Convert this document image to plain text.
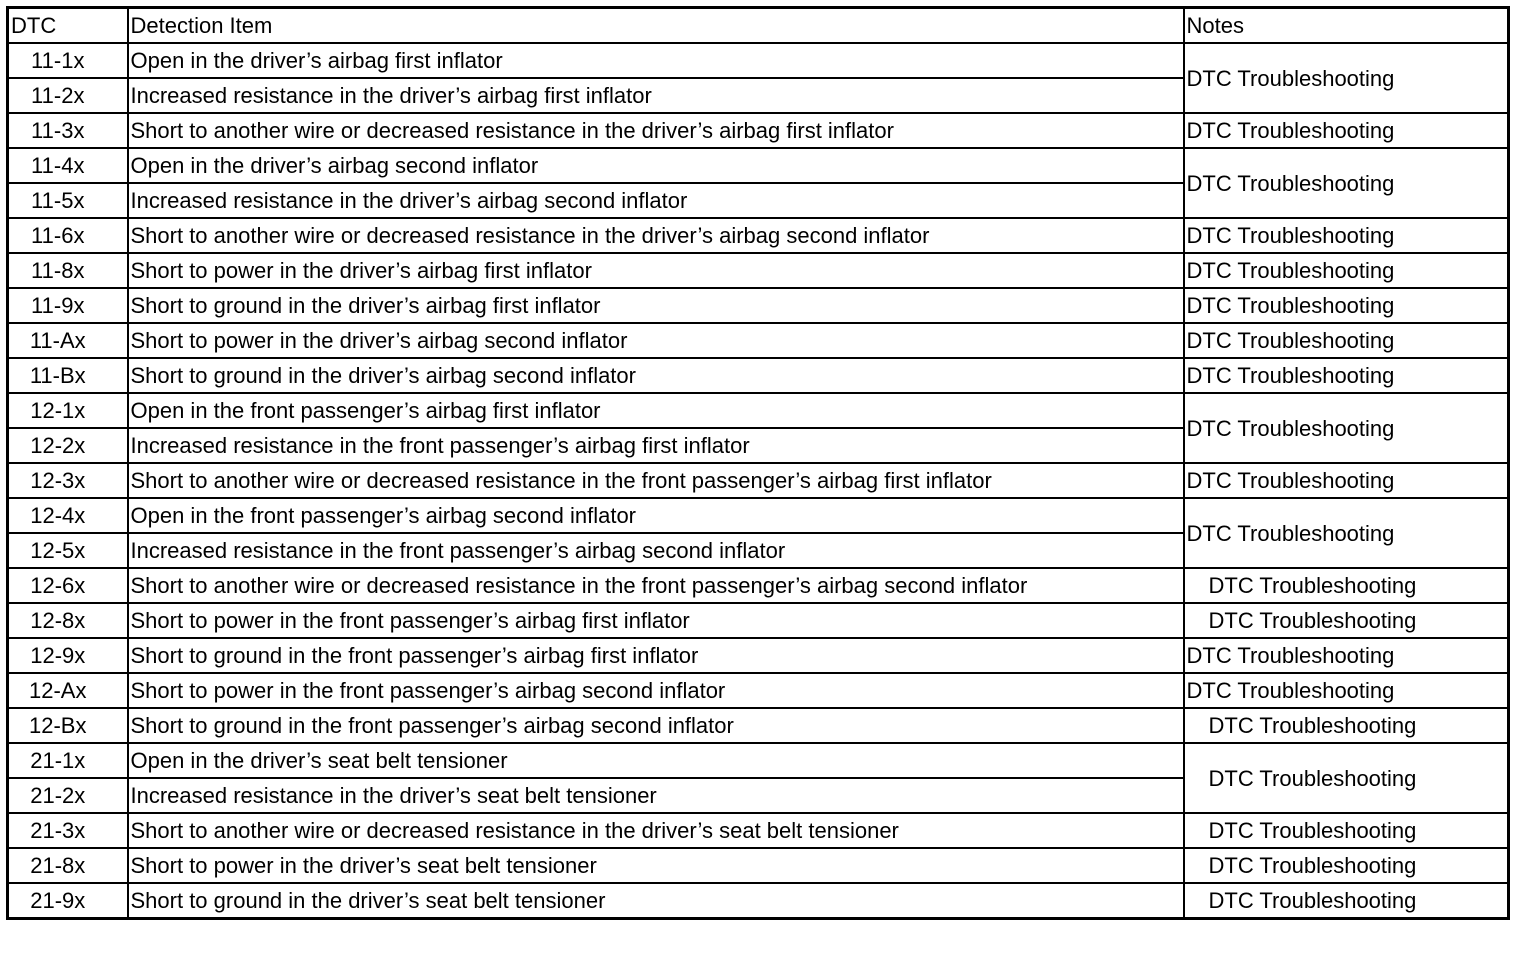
DTC	Detection Item	Notes
11-1x	Open in the driver’s airbag first inflator	DTC Troubleshooting
11-2x	Increased resistance in the driver’s airbag first inflator	
11-3x	Short to another wire or decreased resistance in the driver’s airbag first inflator	DTC Troubleshooting
11-4x	Open in the driver’s airbag second inflator	DTC Troubleshooting
11-5x	Increased resistance in the driver’s airbag second inflator	
11-6x	Short to another wire or decreased resistance in the driver’s airbag second inflator	DTC Troubleshooting
11-8x	Short to power in the driver’s airbag first inflator	DTC Troubleshooting
11-9x	Short to ground in the driver’s airbag first inflator	DTC Troubleshooting
11-Ax	Short to power in the driver’s airbag second inflator	DTC Troubleshooting
11-Bx	Short to ground in the driver’s airbag second inflator	DTC Troubleshooting
12-1x	Open in the front passenger’s airbag first inflator	DTC Troubleshooting
12-2x	Increased resistance in the front passenger’s airbag first inflator	
12-3x	Short to another wire or decreased resistance in the front passenger’s airbag first inflator	DTC Troubleshooting
12-4x	Open in the front passenger’s airbag second inflator	DTC Troubleshooting
12-5x	Increased resistance in the front passenger’s airbag second inflator	
12-6x	Short to another wire or decreased resistance in the front passenger’s airbag second inflator	DTC Troubleshooting
12-8x	Short to power in the front passenger’s airbag first inflator	DTC Troubleshooting
12-9x	Short to ground in the front passenger’s airbag first inflator	DTC Troubleshooting
12-Ax	Short to power in the front passenger’s airbag second inflator	DTC Troubleshooting
12-Bx	Short to ground in the front passenger’s airbag second inflator	DTC Troubleshooting
21-1x	Open in the driver’s seat belt tensioner	DTC Troubleshooting
21-2x	Increased resistance in the driver’s seat belt tensioner	
21-3x	Short to another wire or decreased resistance in the driver’s seat belt tensioner	DTC Troubleshooting
21-8x	Short to power in the driver’s seat belt tensioner	DTC Troubleshooting
21-9x	Short to ground in the driver’s seat belt tensioner	DTC Troubleshooting
